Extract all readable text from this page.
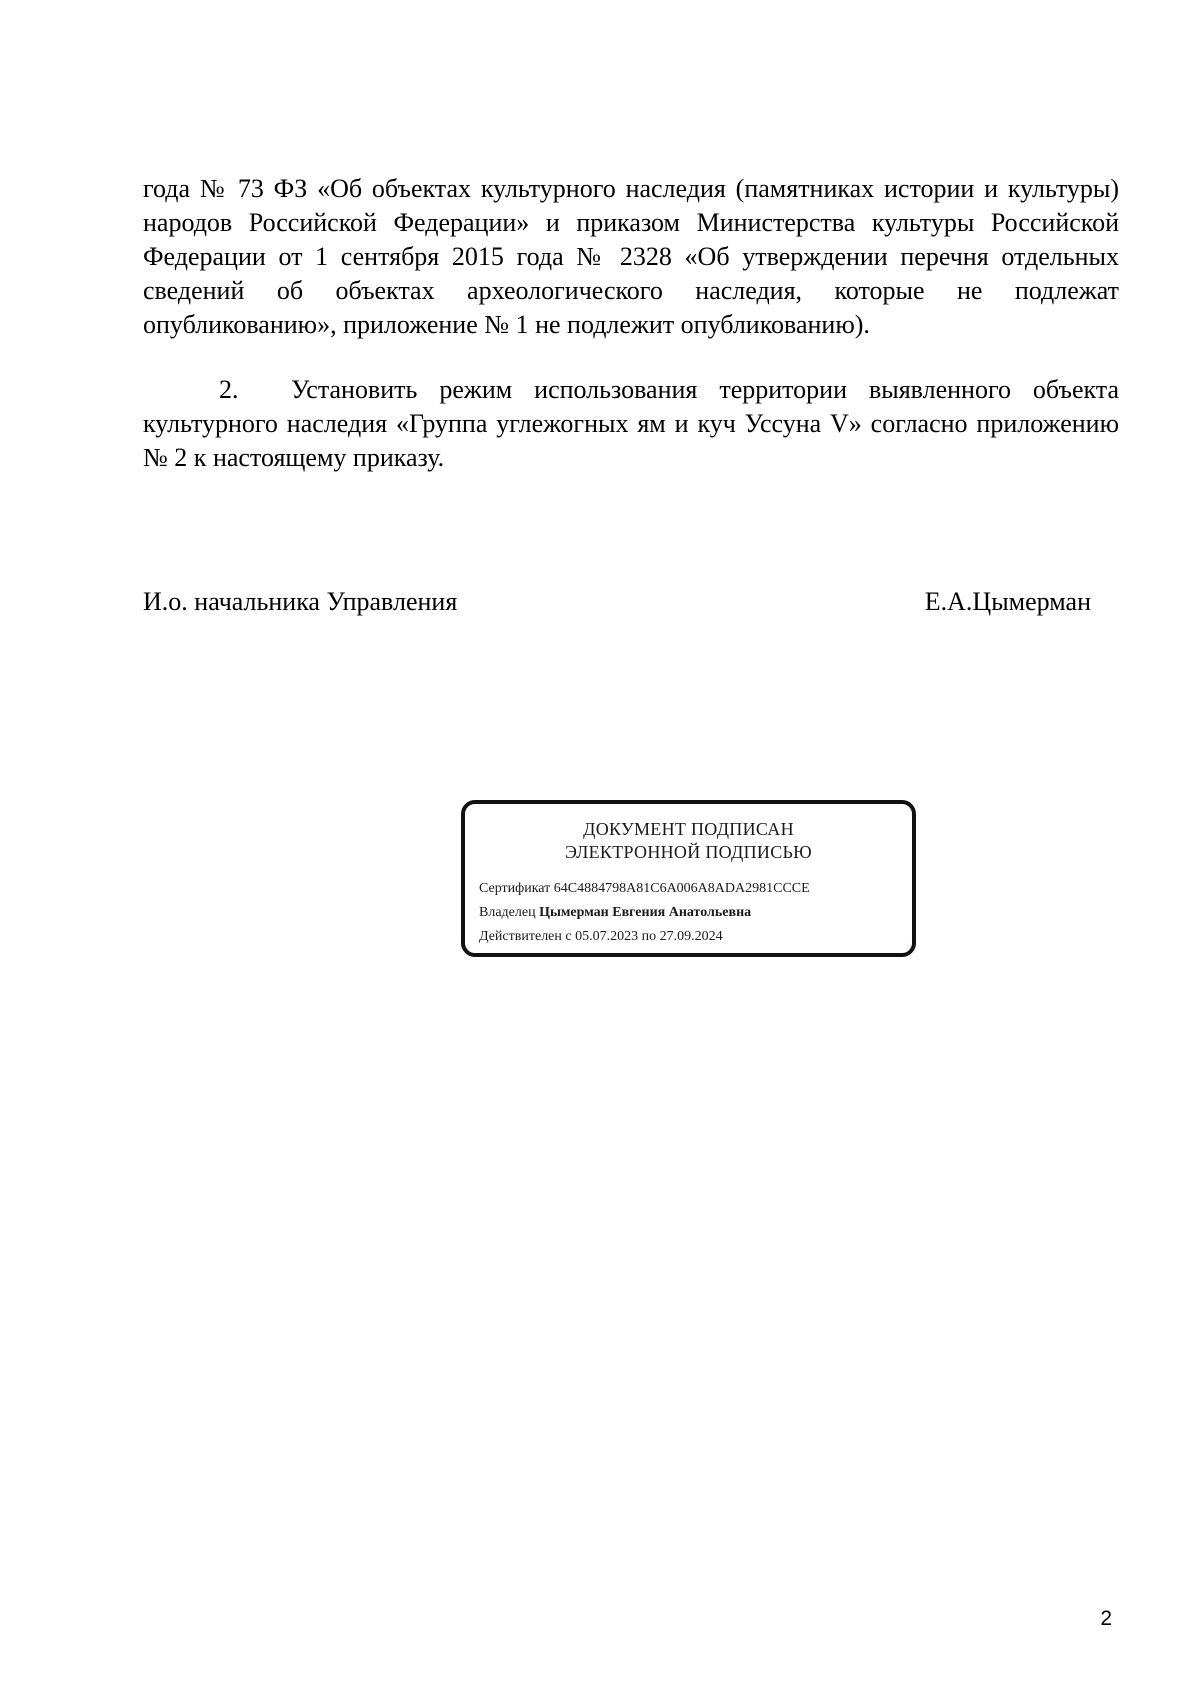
года № 73 ФЗ «Об объектах культурного наследия (памятниках истории и культуры) народов Российской Федерации» и приказом Министерства культуры Российской Федерации от 1 сентября 2015 года № 2328 «Об утверждении перечня отдельных сведений об объектах археологического наследия, которые не подлежат опубликованию», приложение № 1 не подлежит опубликованию).

2. Установить режим использования территории выявленного объекта культурного наследия «Группа углежогных ям и куч Уссуна V» согласно приложению № 2 к настоящему приказу.

И.о. начальника Управления	Е.А.Цымерман
ДОКУМЕНТ ПОДПИСАН
ЭЛЕКТРОННОЙ ПОДПИСЬЮ
Сертификат 64C4884798A81C6A006A8ADA2981CCCE
Владелец Цымерман Евгения Анатольевна
Действителен с 05.07.2023 по 27.09.2024
2
